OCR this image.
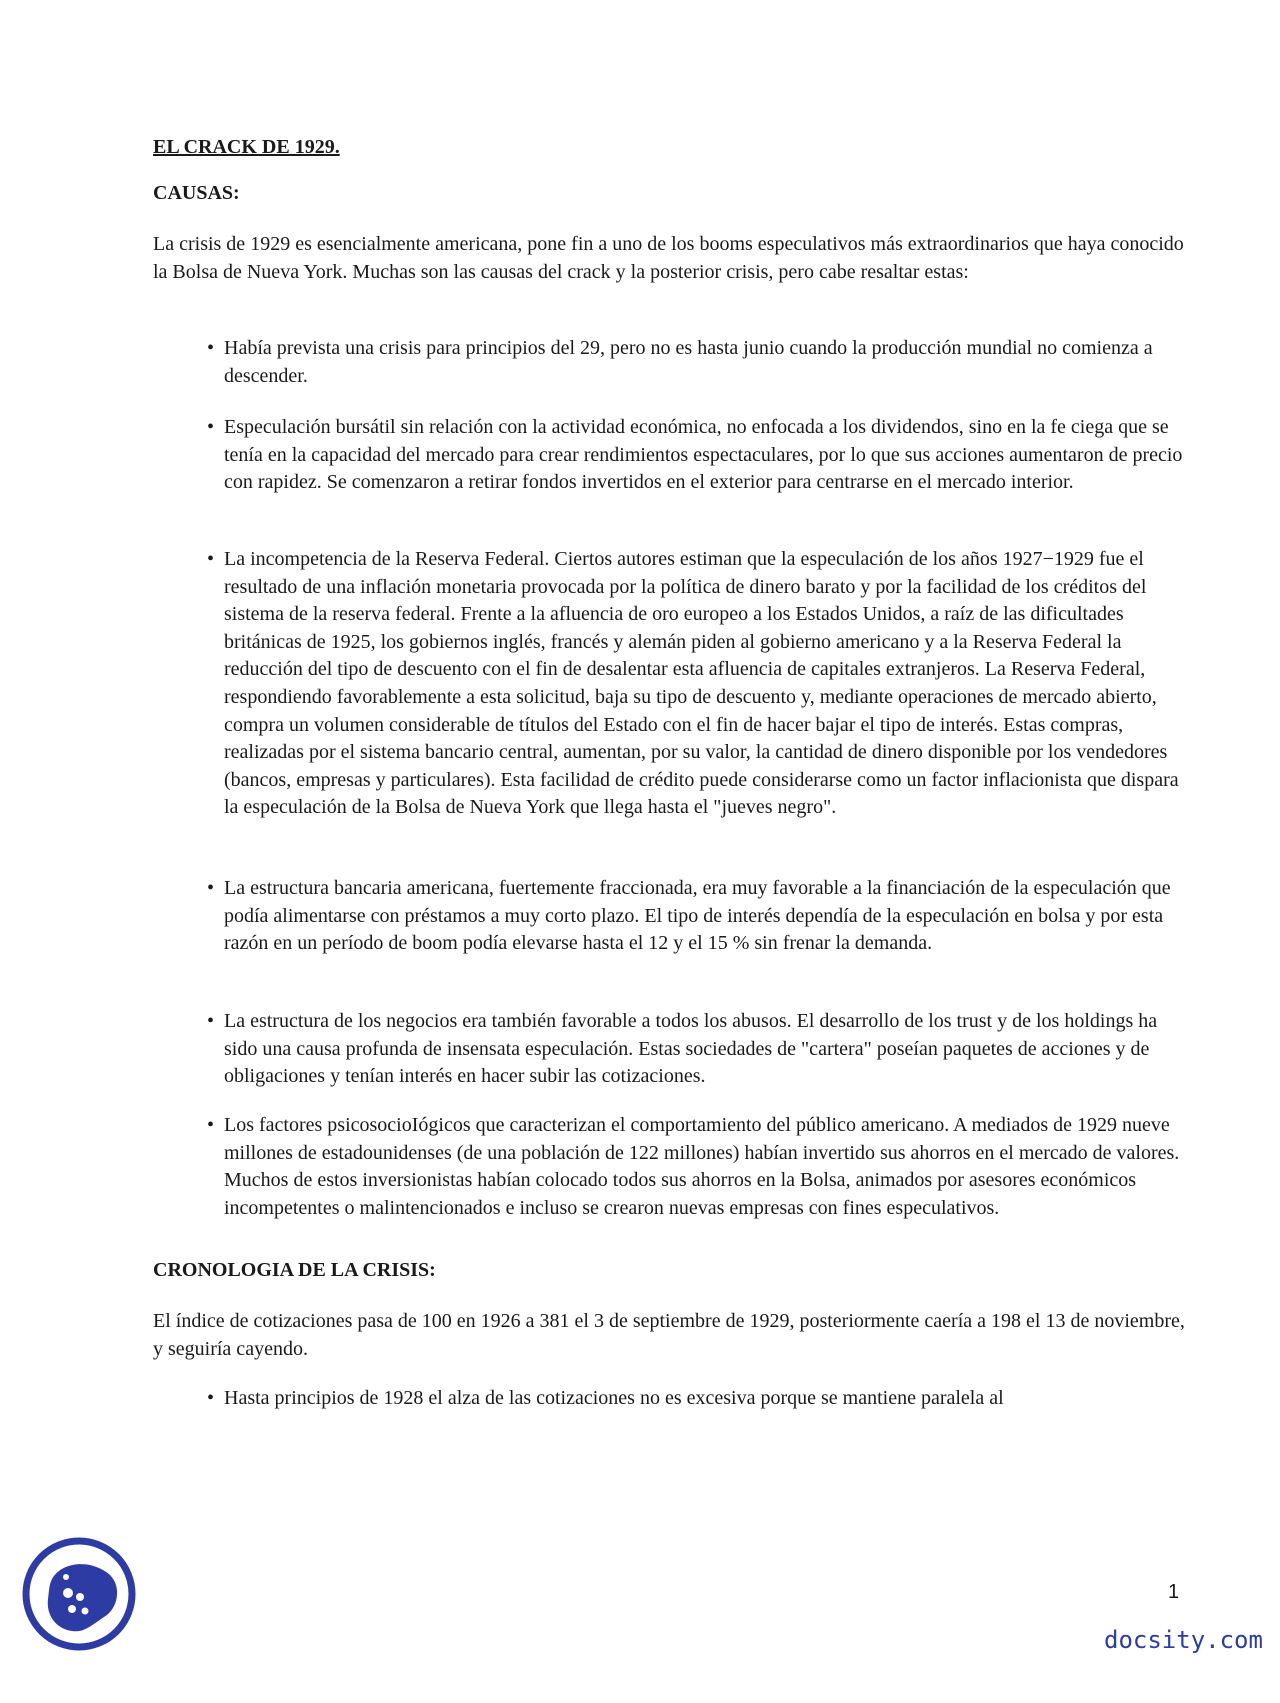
EL CRACK DE 1929.
CAUSAS:

La crisis de 1929 es esencialmente americana, pone fin a uno de los booms especulativos más extraordinarios que haya conocido la Bolsa de Nueva York. Muchas son las causas del crack y la posterior crisis, pero cabe resaltar estas:

• Había prevista una crisis para principios del 29, pero no es hasta junio cuando la producción mundial no comienza a descender.
• Especulación bursátil sin relación con la actividad económica, no enfocada a los dividendos, sino en la fe ciega que se tenía en la capacidad del mercado para crear rendimientos espectaculares, por lo que sus acciones aumentaron de precio con rapidez. Se comenzaron a retirar fondos invertidos en el exterior para centrarse en el mercado interior.
• La incompetencia de la Reserva Federal. Ciertos autores estiman que la especulación de los años 1927−1929 fue el resultado de una inflación monetaria provocada por la política de dinero barato y por la facilidad de los créditos del sistema de la reserva federal. Frente a la afluencia de oro europeo a los Estados Unidos, a raíz de las dificultades británicas de 1925, los gobiernos inglés, francés y alemán piden al gobierno americano y a la Reserva Federal la reducción del tipo de descuento con el fin de desalentar esta afluencia de capitales extranjeros. La Reserva Federal, respondiendo favorablemente a esta solicitud, baja su tipo de descuento y, mediante operaciones de mercado abierto, compra un volumen considerable de títulos del Estado con el fin de hacer bajar el tipo de interés. Estas compras, realizadas por el sistema bancario central, aumentan, por su valor, la cantidad de dinero disponible por los vendedores (bancos, empresas y particulares). Esta facilidad de crédito puede considerarse como un factor inflacionista que dispara la especulación de la Bolsa de Nueva York que llega hasta el "jueves negro".
• La estructura bancaria americana, fuertemente fraccionada, era muy favorable a la financiación de la especulación que podía alimentarse con préstamos a muy corto plazo. El tipo de interés dependía de la especulación en bolsa y por esta razón en un período de boom podía elevarse hasta el 12 y el 15 % sin frenar la demanda.
• La estructura de los negocios era también favorable a todos los abusos. El desarrollo de los trust y de los holdings ha sido una causa profunda de insensata especulación. Estas sociedades de "cartera" poseían paquetes de acciones y de obligaciones y tenían interés en hacer subir las cotizaciones.
• Los factores psicosocioIógicos que caracterizan el comportamiento del público americano. A mediados de 1929 nueve millones de estadounidenses (de una población de 122 millones) habían invertido sus ahorros en el mercado de valores. Muchos de estos inversionistas habían colocado todos sus ahorros en la Bolsa, animados por asesores económicos incompetentes o malintencionados e incluso se crearon nuevas empresas con fines especulativos.
CRONOLOGIA DE LA CRISIS:

El índice de cotizaciones pasa de 100 en 1926 a 381 el 3 de septiembre de 1929, posteriormente caería a 198 el 13 de noviembre, y seguiría cayendo.

• Hasta principios de 1928 el alza de las cotizaciones no es excesiva porque se mantiene paralela al
1
docsity.com
